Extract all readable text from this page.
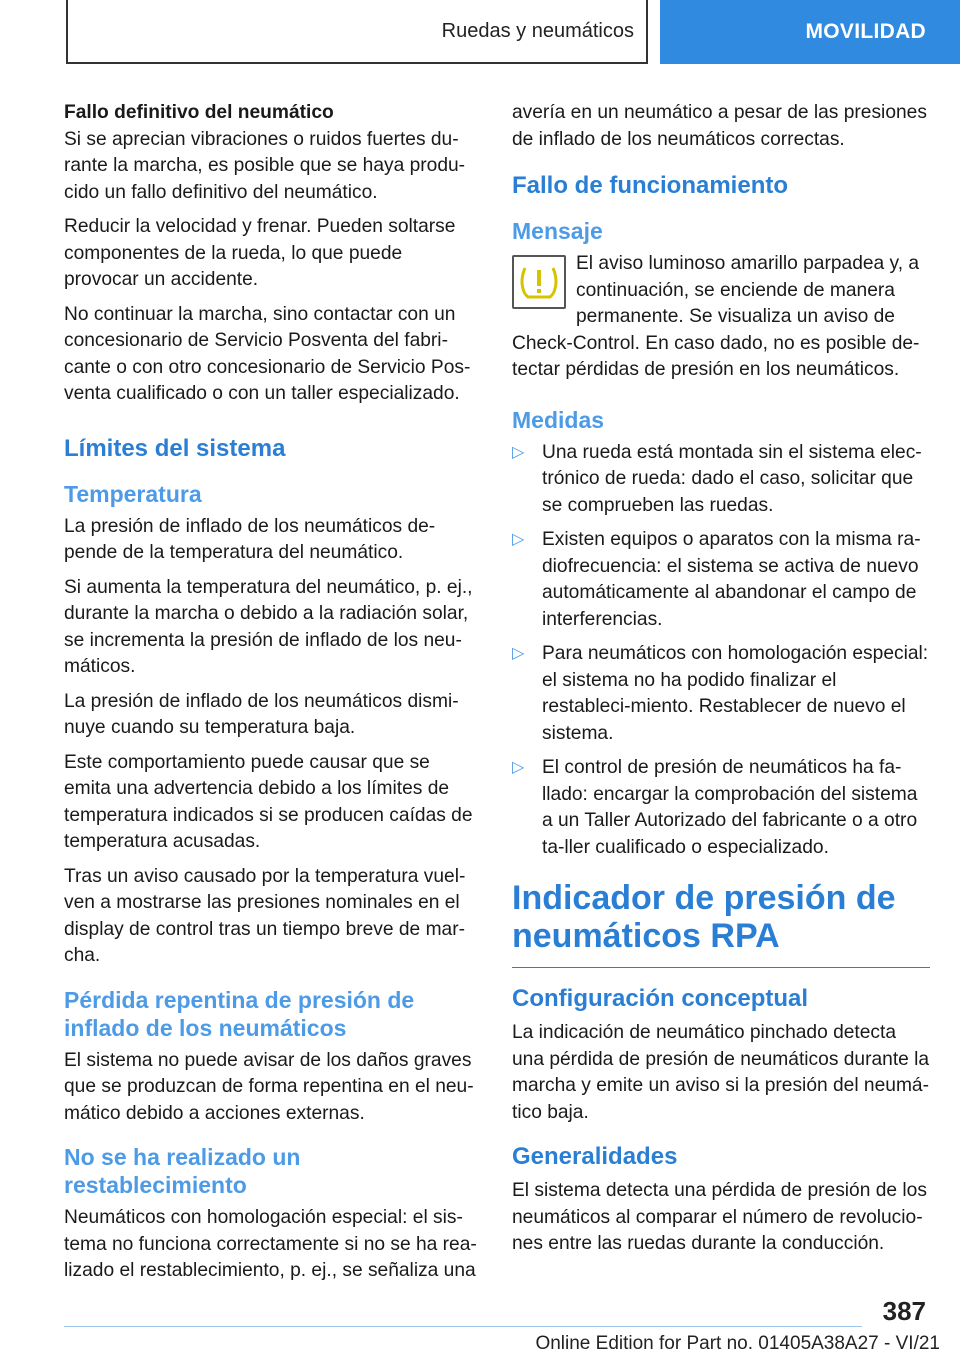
Ruedas y neumáticos	MOVILIDAD
Fallo definitivo del neumático

Si se aprecian vibraciones o ruidos fuertes du-rante la marcha, es posible que se haya produ-cido un fallo definitivo del neumático.

Reducir la velocidad y frenar. Pueden soltarse componentes de la rueda, lo que puede provocar un accidente.

No continuar la marcha, sino contactar con un concesionario de Servicio Posventa del fabri-cante o con otro concesionario de Servicio Pos-venta cualificado o con un taller especializado.

Límites del sistema
Temperatura

La presión de inflado de los neumáticos de-pende de la temperatura del neumático.

Si aumenta la temperatura del neumático, p. ej., durante la marcha o debido a la radiación solar, se incrementa la presión de inflado de los neu-máticos.

La presión de inflado de los neumáticos dismi-nuye cuando su temperatura baja.

Este comportamiento puede causar que se emita una advertencia debido a los límites de temperatura indicados si se producen caídas de temperatura acusadas.

Tras un aviso causado por la temperatura vuel-ven a mostrarse las presiones nominales en el display de control tras un tiempo breve de mar-cha.

Pérdida repentina de presión de inflado de los neumáticos

El sistema no puede avisar de los daños graves que se produzcan de forma repentina en el neu-mático debido a acciones externas.

No se ha realizado un restablecimiento

Neumáticos con homologación especial: el sis-tema no funciona correctamente si no se ha rea-lizado el restablecimiento, p. ej., se señaliza una

avería en un neumático a pesar de las presiones de inflado de los neumáticos correctas.

Fallo de funcionamiento
Mensaje

El aviso luminoso amarillo parpadea y, a continuación, se enciende de manera permanente. Se visualiza un aviso de Check-Control. En caso dado, no es posible de-tectar pérdidas de presión en los neumáticos.

Medidas
▷ Una rueda está montada sin el sistema elec-trónico de rueda: dado el caso, solicitar que se comprueben las ruedas.
▷ Existen equipos o aparatos con la misma ra-diofrecuencia: el sistema se activa de nuevo automáticamente al abandonar el campo de interferencias.
▷ Para neumáticos con homologación especial: el sistema no ha podido finalizar el restableci-miento. Restablecer de nuevo el sistema.
▷ El control de presión de neumáticos ha fa-llado: encargar la comprobación del sistema a un Taller Autorizado del fabricante o a otro ta-ller cualificado o especializado.
Indicador de presión de neumáticos RPA
Configuración conceptual

La indicación de neumático pinchado detecta una pérdida de presión de neumáticos durante la marcha y emite un aviso si la presión del neumá-tico baja.

Generalidades

El sistema detecta una pérdida de presión de los neumáticos al comparar el número de revolucio-nes entre las ruedas durante la conducción.

387
Online Edition for Part no. 01405A38A27 - VI/21
